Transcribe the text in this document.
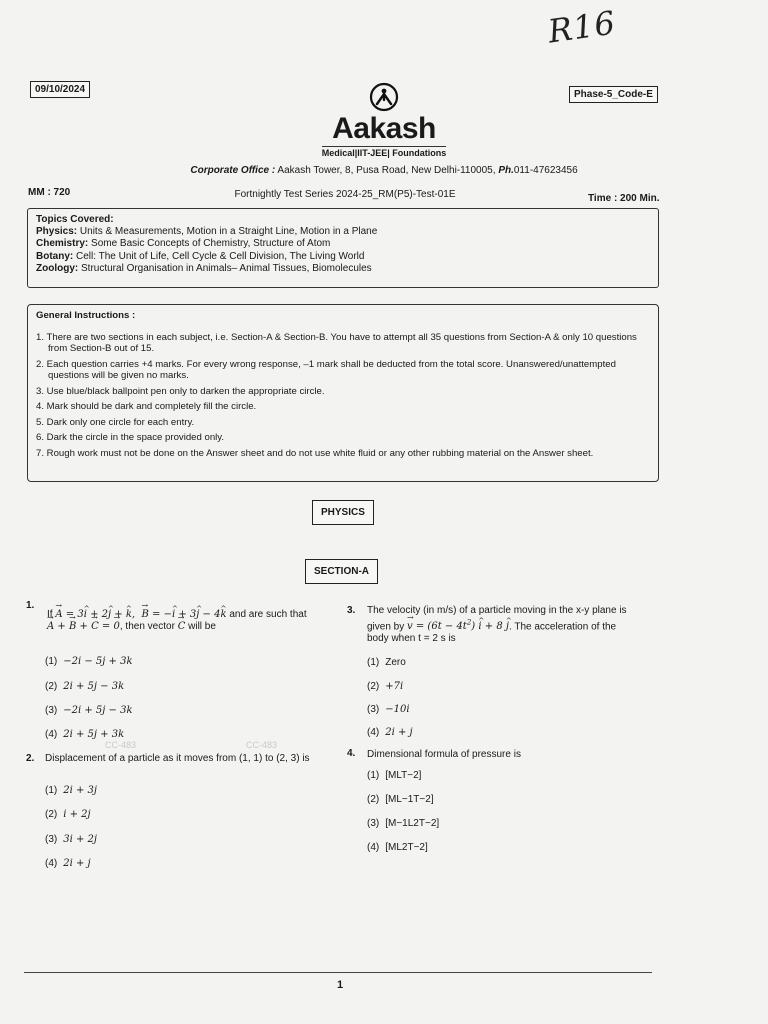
R16
09/10/2024	Phase-5_Code-E
Aakash
Medical|IIT-JEE| Foundations
Corporate Office : Aakash Tower, 8, Pusa Road, New Delhi-110005, Ph.011-47623456
MM : 720	Fortnightly Test Series 2024-25_RM(P5)-Test-01E	Time : 200 Min.
Topics Covered:
Physics: Units & Measurements, Motion in a Straight Line, Motion in a Plane
Chemistry: Some Basic Concepts of Chemistry, Structure of Atom
Botany: Cell: The Unit of Life, Cell Cycle & Cell Division, The Living World
Zoology: Structural Organisation in Animals– Animal Tissues, Biomolecules
General Instructions :
1. There are two sections in each subject, i.e. Section-A & Section-B. You have to attempt all 35 questions from Section-A & only 10 questions from Section-B out of 15.
2. Each question carries +4 marks. For every wrong response, –1 mark shall be deducted from the total score. Unanswered/unattempted questions will be given no marks.
3. Use blue/black ballpoint pen only to darken the appropriate circle.
4. Mark should be dark and completely fill the circle.
5. Dark only one circle for each entry.
6. Dark the circle in the space provided only.
7. Rough work must not be done on the Answer sheet and do not use white fluid or any other rubbing material on the Answer sheet.
PHYSICS
SECTION-A
CC-483	CC-483
1.
If → A = 3^ i + 2^ j + ^ k,  → B = −^ i + 3^ j − 4^ k and are such that
→ A + → B + → C = → 0, then vector → C will be
(1) −2i − 5j + 3k
(2) 2i + 5j − 3k
(3) −2i + 5j − 3k
(4) 2i + 5j + 3k
2. Displacement of a particle as it moves from (1, 1) to (2, 3) is
(1) 2i + 3j
(2) i + 2j
(3) 3i + 2j
(4) 2i + j
3. The velocity (in m/s) of a particle moving in the x-y plane is given by → $v = (6t - 4t^2)$ ^ i + 8 ^ j. The acceleration of the body when t = 2 s is
(1) Zero
(2) +7i
(3) −10i
(4) 2i + j
4. Dimensional formula of pressure is
(1) [MLT−2]
(2) [ML−1T−2]
(3) [M−1L2T−2]
(4) [ML2T−2]
1
